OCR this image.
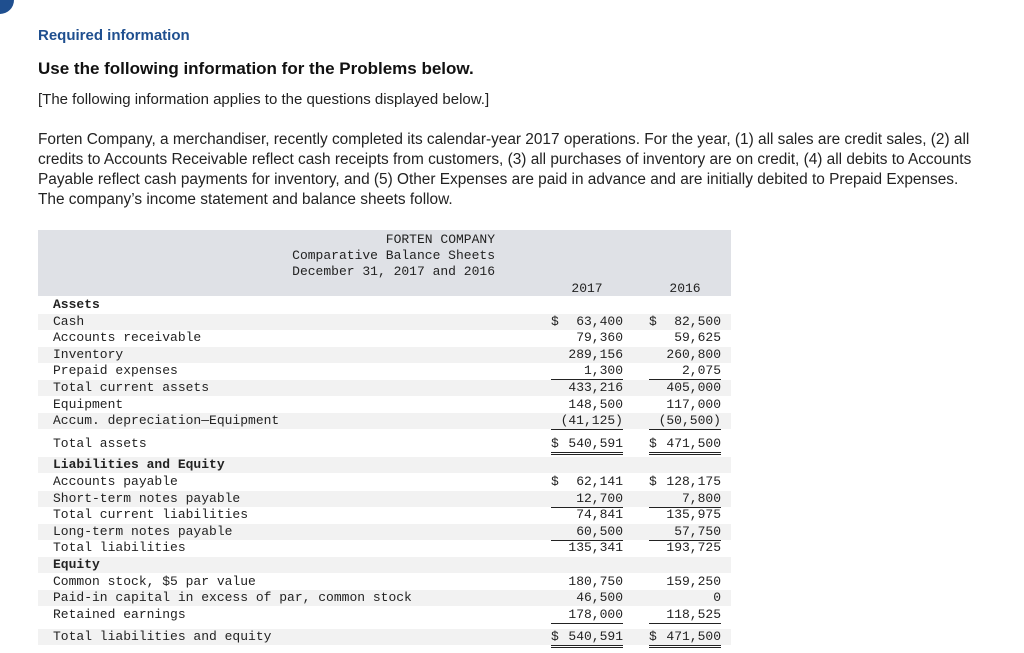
Required information
Use the following information for the Problems below.
[The following information applies to the questions displayed below.]
Forten Company, a merchandiser, recently completed its calendar-year 2017 operations. For the year, (1) all sales are credit sales, (2) all credits to Accounts Receivable reflect cash receipts from customers, (3) all purchases of inventory are on credit, (4) all debits to Accounts Payable reflect cash payments for inventory, and (5) Other Expenses are paid in advance and are initially debited to Prepaid Expenses. The company’s income statement and balance sheets follow.
FORTEN COMPANY
Comparative Balance Sheets
December 31, 2017 and 2016
2017	2016
Assets
Cash	$ 63,400 $ 82,500
Accounts receivable	79,360	59,625
Inventory	289,156	260,800
Prepaid expenses	1,300	2,075
Total current assets	433,216	405,000
Equipment	148,500	117,000
Accum. depreciation—Equipment	(41,125)	(50,500)
Total assets	$ 540,591 $ 471,500
Liabilities and Equity
Accounts payable	$ 62,141 $ 128,175
Short-term notes payable	12,700	7,800
Total current liabilities	74,841	135,975
Long-term notes payable	60,500	57,750
Total liabilities	135,341	193,725
Equity
Common stock, $5 par value	180,750	159,250
Paid-in capital in excess of par, common stock	46,500	0
Retained earnings	178,000	118,525
Total liabilities and equity	$ 540,591 $ 471,500
